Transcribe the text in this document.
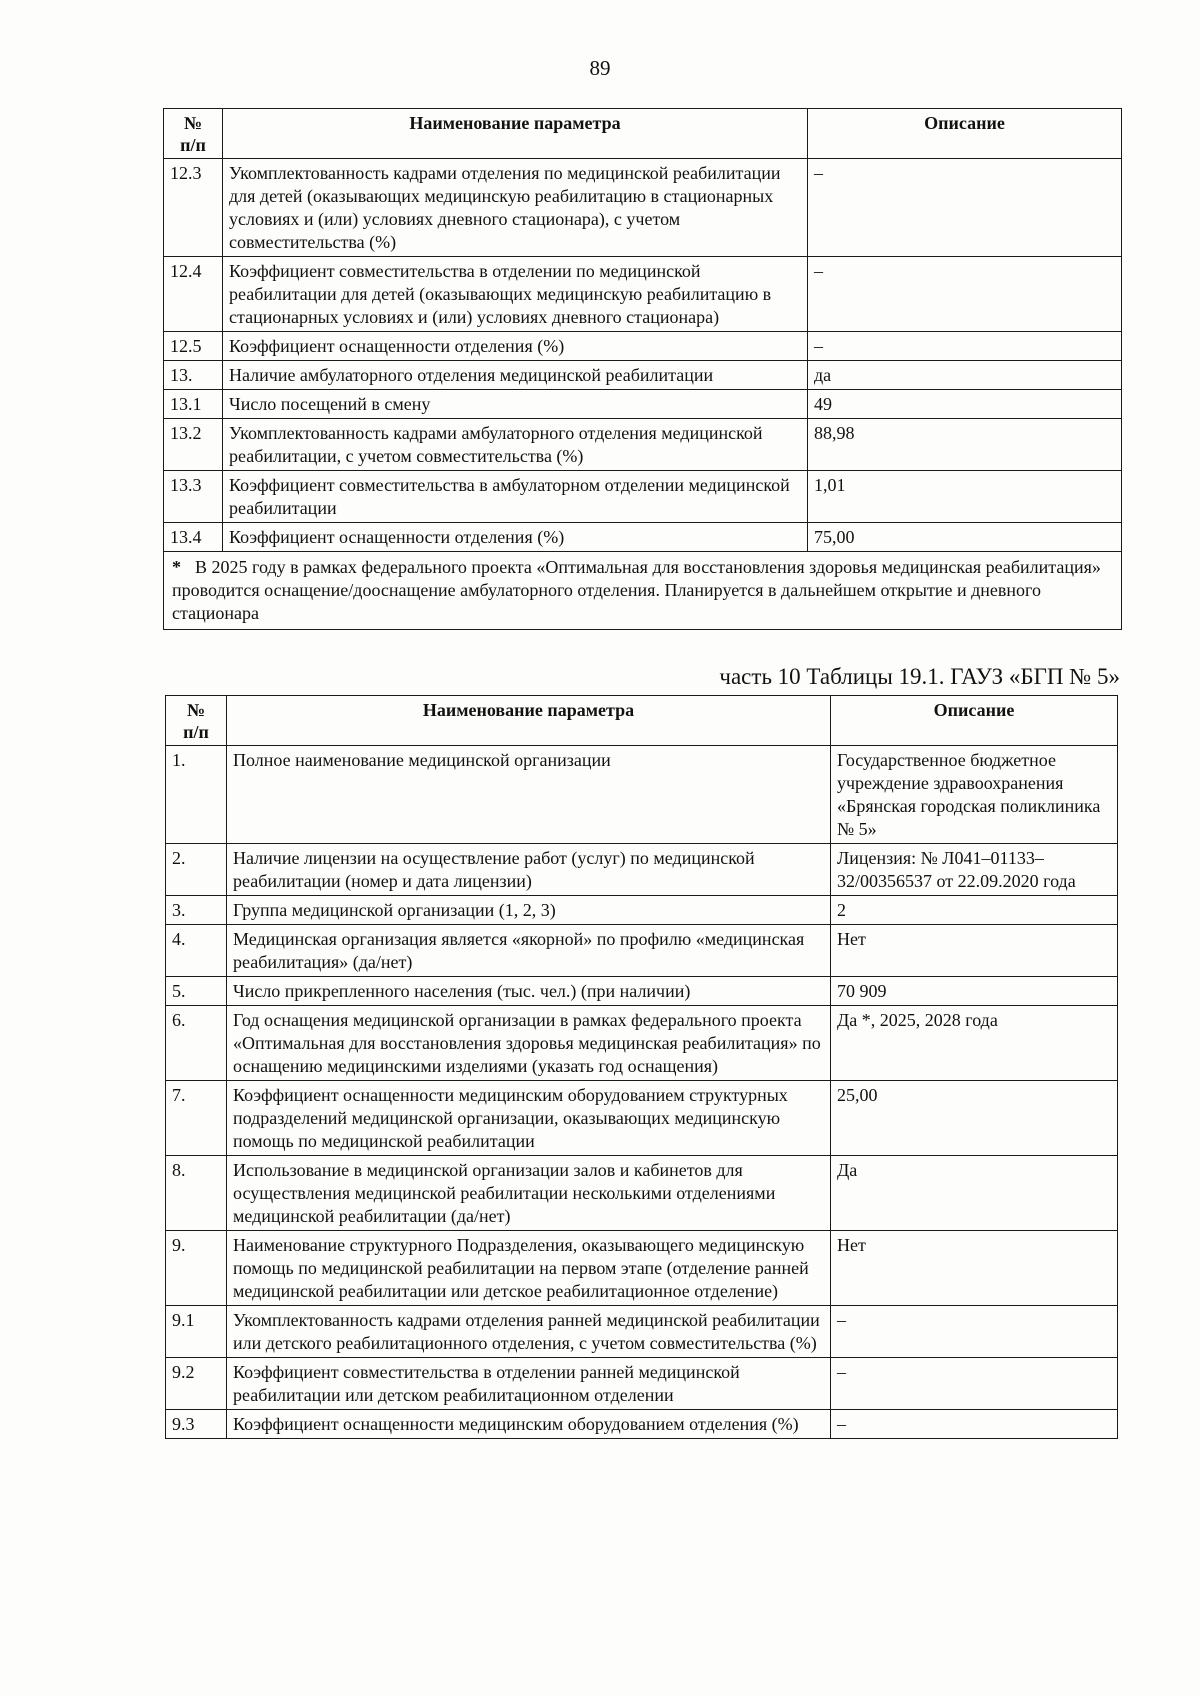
89
№
п/п	Наименование параметра	Описание
12.3	Укомплектованность кадрами отделения по медицинской реабилитации для детей (оказывающих медицинскую реабилитацию в стационарных условиях и (или) условиях дневного стационара), с учетом совместительства (%)	–
12.4	Коэффициент совместительства в отделении по медицинской реабилитации для детей (оказывающих медицинскую реабилитацию в стационарных условиях и (или) условиях дневного стационара)	–
12.5	Коэффициент оснащенности отделения (%)	–
13.	Наличие амбулаторного отделения медицинской реабилитации	да
13.1	Число посещений в смену	49
13.2	Укомплектованность кадрами амбулаторного отделения медицинской реабилитации, с учетом совместительства (%)	88,98
13.3	Коэффициент совместительства в амбулаторном отделении медицинской реабилитации	1,01
13.4	Коэффициент оснащенности отделения (%)	75,00
* В 2025 году в рамках федерального проекта «Оптимальная для восстановления здоровья медицинская реабилитация» проводится оснащение/дооснащение амбулаторного отделения. Планируется в дальнейшем открытие и дневного стационара		
часть 10 Таблицы 19.1. ГАУЗ «БГП № 5»
№
п/п	Наименование параметра	Описание
1.	Полное наименование медицинской организации	Государственное бюджетное учреждение здравоохранения «Брянская городская поликлиника № 5»
2.	Наличие лицензии на осуществление работ (услуг) по медицинской реабилитации (номер и дата лицензии)	Лицензия: № Л041–01133–32/00356537 от 22.09.2020 года
3.	Группа медицинской организации (1, 2, 3)	2
4.	Медицинская организация является «якорной» по профилю «медицинская реабилитация» (да/нет)	Нет
5.	Число прикрепленного населения (тыс. чел.) (при наличии)	70 909
6.	Год оснащения медицинской организации в рамках федерального проекта «Оптимальная для восстановления здоровья медицинская реабилитация» по оснащению медицинскими изделиями (указать год оснащения)	Да *, 2025, 2028 года
7.	Коэффициент оснащенности медицинским оборудованием структурных подразделений медицинской организации, оказывающих медицинскую помощь по медицинской реабилитации	25,00
8.	Использование в медицинской организации залов и кабинетов для осуществления медицинской реабилитации несколькими отделениями медицинской реабилитации (да/нет)	Да
9.	Наименование структурного Подразделения, оказывающего медицинскую помощь по медицинской реабилитации на первом этапе (отделение ранней медицинской реабилитации или детское реабилитационное отделение)	Нет
9.1	Укомплектованность кадрами отделения ранней медицинской реабилитации или детского реабилитационного отделения, с учетом совместительства (%)	–
9.2	Коэффициент совместительства в отделении ранней медицинской реабилитации или детском реабилитационном отделении	–
9.3	Коэффициент оснащенности медицинским оборудованием отделения (%)	–
